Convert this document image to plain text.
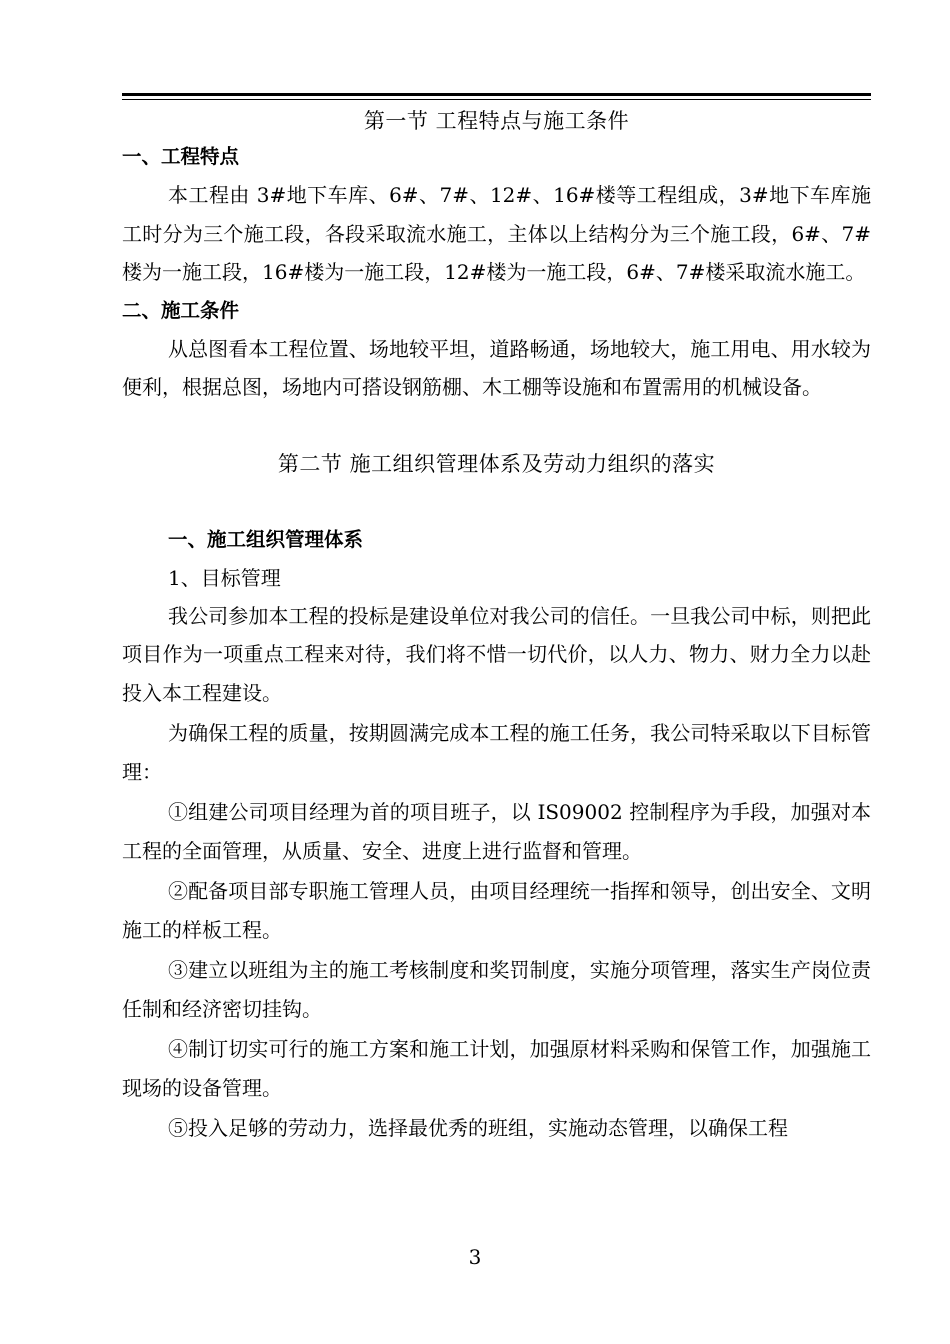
第一节 工程特点与施工条件
一、工程特点

本工程由 3#地下车库、6#、7#、12#、16#楼等工程组成，3#地下车库施工时分为三个施工段，各段采取流水施工，主体以上结构分为三个施工段，6#、7#楼为一施工段，16#楼为一施工段，12#楼为一施工段，6#、7#楼采取流水施工。

二、施工条件

从总图看本工程位置、场地较平坦，道路畅通，场地较大，施工用电、用水较为便利，根据总图，场地内可搭设钢筋棚、木工棚等设施和布置需用的机械设备。

第二节 施工组织管理体系及劳动力组织的落实
一、施工组织管理体系
1、目标管理

我公司参加本工程的投标是建设单位对我公司的信任。一旦我公司中标，则把此项目作为一项重点工程来对待，我们将不惜一切代价，以人力、物力、财力全力以赴投入本工程建设。

为确保工程的质量，按期圆满完成本工程的施工任务，我公司特采取以下目标管理：

①组建公司项目经理为首的项目班子，以 IS09002 控制程序为手段，加强对本工程的全面管理，从质量、安全、进度上进行监督和管理。

②配备项目部专职施工管理人员，由项目经理统一指挥和领导，创出安全、文明施工的样板工程。

③建立以班组为主的施工考核制度和奖罚制度，实施分项管理，落实生产岗位责任制和经济密切挂钩。

④制订切实可行的施工方案和施工计划，加强原材料采购和保管工作，加强施工现场的设备管理。

⑤投入足够的劳动力，选择最优秀的班组，实施动态管理，以确保工程

3
